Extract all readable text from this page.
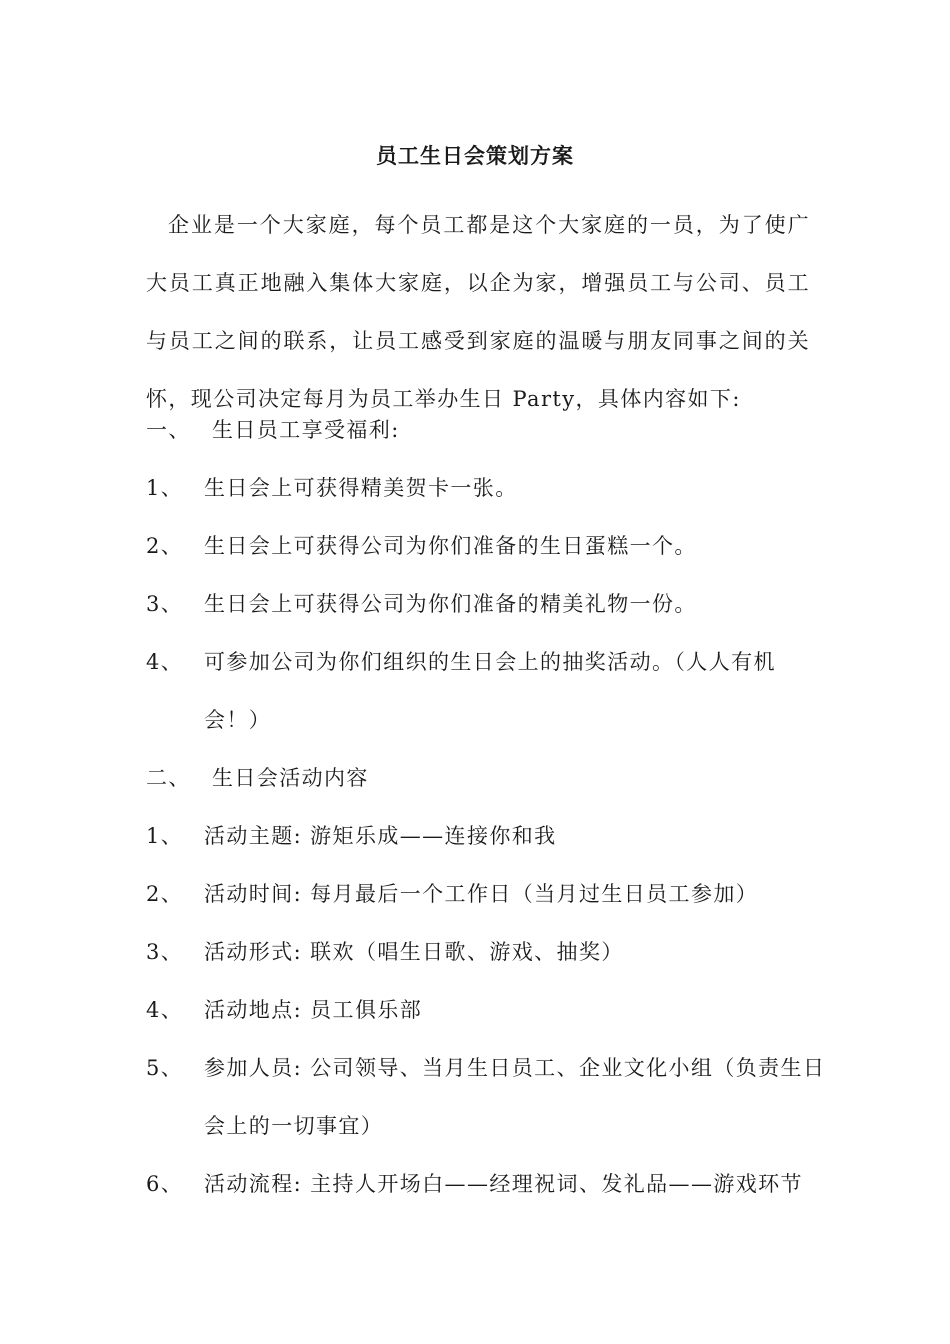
员工生日会策划方案
企业是一个大家庭，每个员工都是这个大家庭的一员，为了使广大员工真正地融入集体大家庭，以企为家，增强员工与公司、员工与员工之间的联系，让员工感受到家庭的温暖与朋友同事之间的关怀，现公司决定每月为员工举办生日 Party，具体内容如下:
一、 生日员工享受福利:
1、 生日会上可获得精美贺卡一张。
2、 生日会上可获得公司为你们准备的生日蛋糕一个。
3、 生日会上可获得公司为你们准备的精美礼物一份。
4、 可参加公司为你们组织的生日会上的抽奖活动。（人人有机
会！）
二、 生日会活动内容
1、 活动主题: 游矩乐成——连接你和我
2、 活动时间: 每月最后一个工作日（当月过生日员工参加）
3、 活动形式: 联欢（唱生日歌、游戏、抽奖）
4、 活动地点: 员工俱乐部
5、 参加人员: 公司领导、当月生日员工、企业文化小组（负责生日
会上的一切事宜）
6、 活动流程: 主持人开场白——经理祝词、发礼品——游戏环节
